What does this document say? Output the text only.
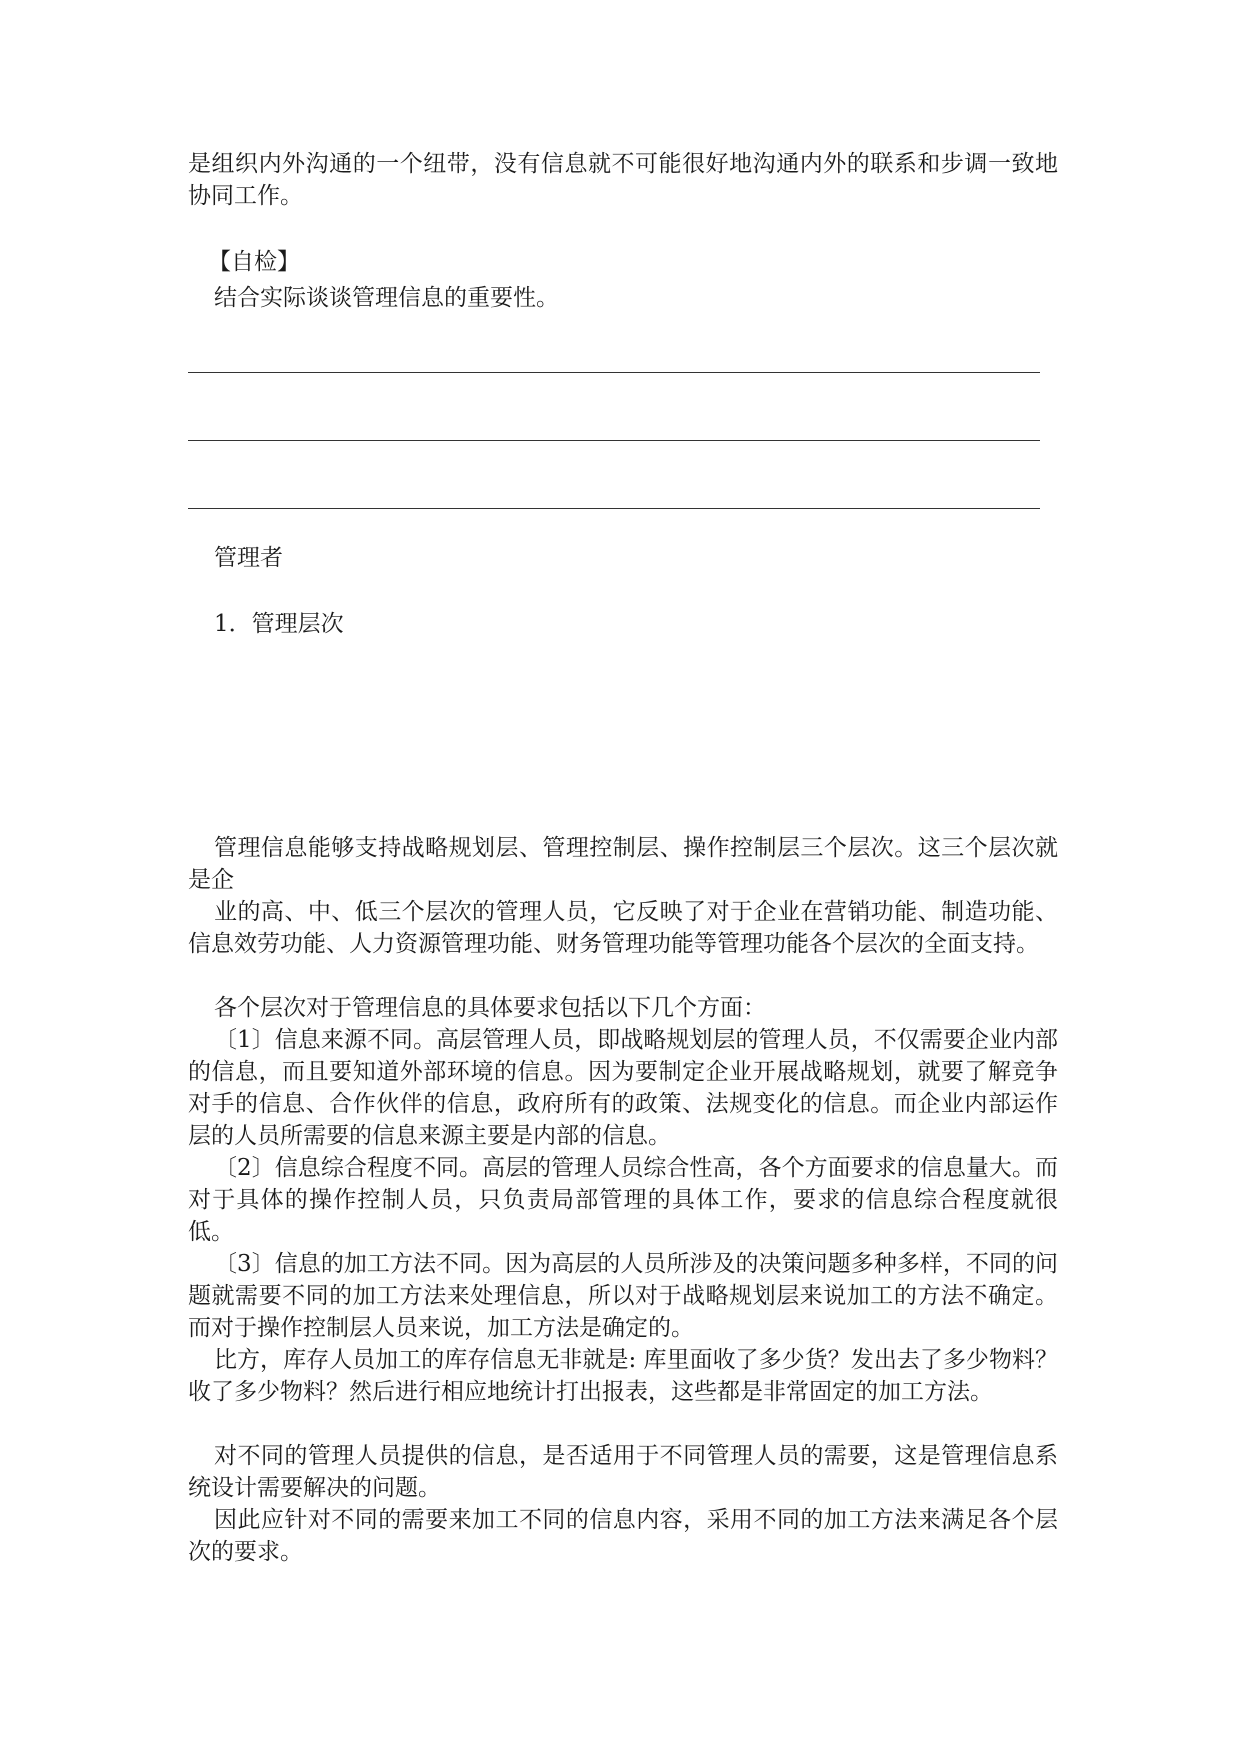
是组织内外沟通的一个纽带，没有信息就不可能很好地沟通内外的联系和步调一致地协同工作。

【自检】

结合实际谈谈管理信息的重要性。

管理者

1．管理层次

管理信息能够支持战略规划层、管理控制层、操作控制层三个层次。这三个层次就是企

业的高、中、低三个层次的管理人员，它反映了对于企业在营销功能、制造功能、信息效劳功能、人力资源管理功能、财务管理功能等管理功能各个层次的全面支持。

各个层次对于管理信息的具体要求包括以下几个方面：

〔1〕信息来源不同。高层管理人员，即战略规划层的管理人员，不仅需要企业内部的信息，而且要知道外部环境的信息。因为要制定企业开展战略规划，就要了解竞争对手的信息、合作伙伴的信息，政府所有的政策、法规变化的信息。而企业内部运作层的人员所需要的信息来源主要是内部的信息。

〔2〕信息综合程度不同。高层的管理人员综合性高，各个方面要求的信息量大。而对于具体的操作控制人员，只负责局部管理的具体工作，要求的信息综合程度就很低。

〔3〕信息的加工方法不同。因为高层的人员所涉及的决策问题多种多样，不同的问题就需要不同的加工方法来处理信息，所以对于战略规划层来说加工的方法不确定。而对于操作控制层人员来说，加工方法是确定的。

比方，库存人员加工的库存信息无非就是: 库里面收了多少货？发出去了多少物料？收了多少物料？然后进行相应地统计打出报表，这些都是非常固定的加工方法。

对不同的管理人员提供的信息，是否适用于不同管理人员的需要，这是管理信息系统设计需要解决的问题。

因此应针对不同的需要来加工不同的信息内容，采用不同的加工方法来满足各个层次的要求。
